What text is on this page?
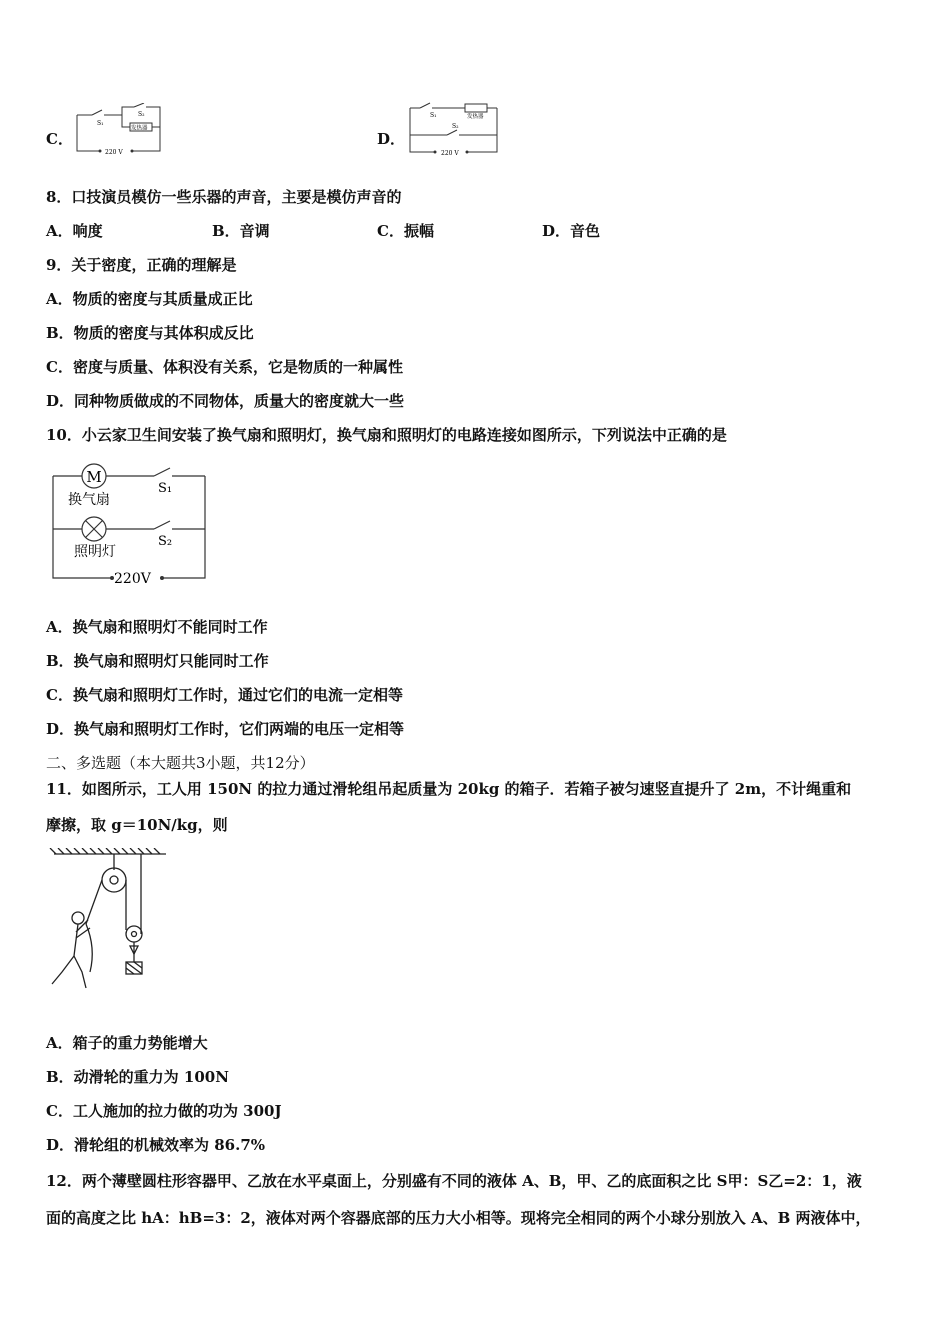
C．
S₁
S₂
发热器
220 V
D．
S₁
S₂
发热器
220 V
8．口技演员模仿一些乐器的声音，主要是模仿声音的
A．响度	B．音调	C．振幅	D．音色
9．关于密度，正确的理解是
A．物质的密度与其质量成正比
B．物质的密度与其体积成反比
C．密度与质量、体积没有关系，它是物质的一种属性
D．同种物质做成的不同物体，质量大的密度就大一些
10．小云家卫生间安装了换气扇和照明灯，换气扇和照明灯的电路连接如图所示，下列说法中正确的是
M
换气扇
照明灯
S₁
S₂
220V
A．换气扇和照明灯不能同时工作
B．换气扇和照明灯只能同时工作
C．换气扇和照明灯工作时，通过它们的电流一定相等
D．换气扇和照明灯工作时，它们两端的电压一定相等
二、多选题（本大题共3小题，共12分）
11．如图所示，工人用 150N 的拉力通过滑轮组吊起质量为 20kg 的箱子．若箱子被匀速竖直提升了 2m，不计绳重和
摩擦，取 g＝10N/kg，则
A．箱子的重力势能增大
B．动滑轮的重力为 100N
C．工人施加的拉力做的功为 300J
D．滑轮组的机械效率为 86.7%
12．两个薄壁圆柱形容器甲、乙放在水平桌面上，分别盛有不同的液体 A、B，甲、乙的底面积之比 S甲：S乙=2：1，液
面的高度之比 hA：hB=3：2，液体对两个容器底部的压力大小相等。现将完全相同的两个小球分别放入 A、B 两液体中，
